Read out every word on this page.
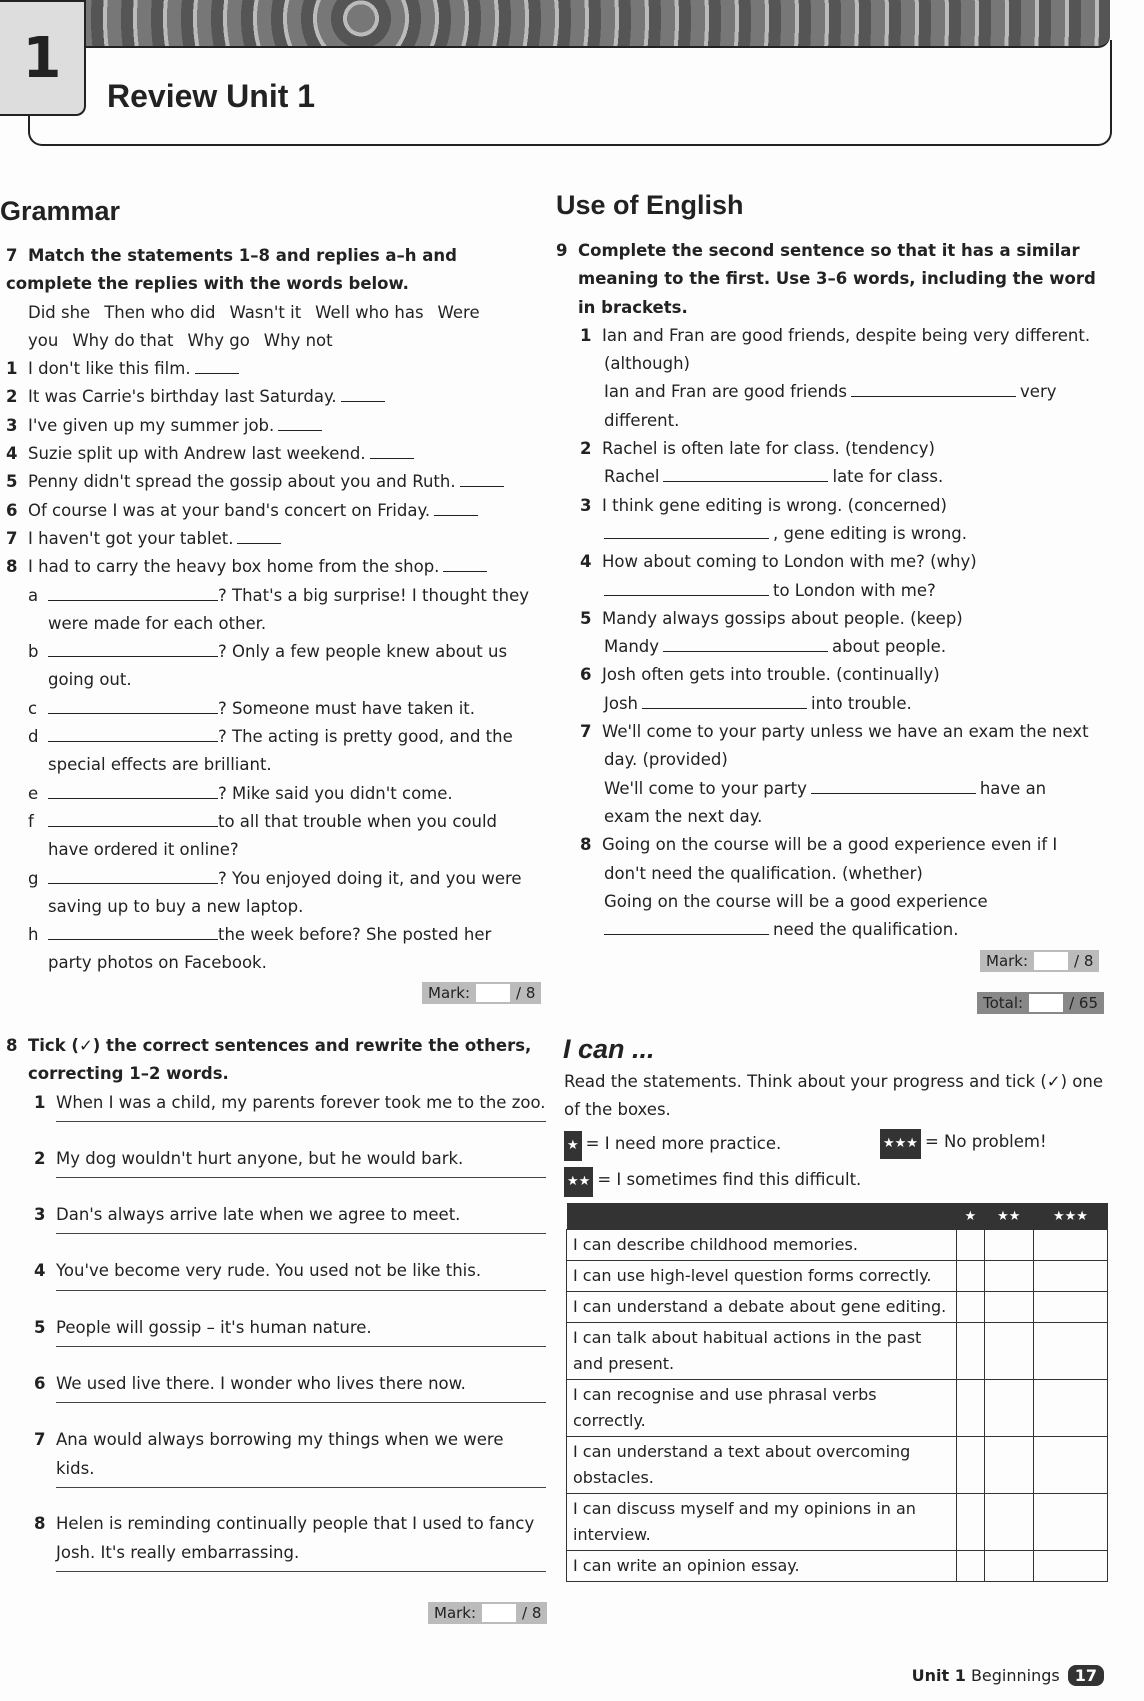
1
Review Unit 1
Grammar
7 Match the statements 1–8 and replies a–h and complete the replies with the words below.
Did she Then who did Wasn't it Well who has Were you Why do that Why go Why not
1 I don't like this film.
2 It was Carrie's birthday last Saturday.
3 I've given up my summer job.
4 Suzie split up with Andrew last weekend.
5 Penny didn't spread the gossip about you and Ruth.
6 Of course I was at your band's concert on Friday.
7 I haven't got your tablet.
8 I had to carry the heavy box home from the shop.
a	? That's a big surprise! I thought they were made for each other.
b	? Only a few people knew about us going out.
c	? Someone must have taken it.
d	? The acting is pretty good, and the special effects are brilliant.
e	? Mike said you didn't come.
f	to all that trouble when you could have ordered it online?
g	? You enjoyed doing it, and you were saving up to buy a new laptop.
h	the week before? She posted her party photos on Facebook.
Mark:	/ 8
8 Tick (✓) the correct sentences and rewrite the others, correcting 1–2 words.
1 When I was a child, my parents forever took me to the zoo.
2 My dog wouldn't hurt anyone, but he would bark.
3 Dan's always arrive late when we agree to meet.
4 You've become very rude. You used not be like this.
5 People will gossip – it's human nature.
6 We used live there. I wonder who lives there now.
7 Ana would always borrowing my things when we were kids.
8 Helen is reminding continually people that I used to fancy Josh. It's really embarrassing.
Mark:	/ 8
Use of English
9 Complete the second sentence so that it has a similar meaning to the first. Use 3–6 words, including the word in brackets.
1 Ian and Fran are good friends, despite being very different. (although)
Ian and Fran are good friends	very different.
2 Rachel is often late for class. (tendency)
Rachel	late for class.
3 I think gene editing is wrong. (concerned)
, gene editing is wrong.
4 How about coming to London with me? (why)
to London with me?
5 Mandy always gossips about people. (keep)
Mandy	about people.
6 Josh often gets into trouble. (continually)
Josh	into trouble.
7 We'll come to your party unless we have an exam the next day. (provided)
We'll come to your party	have an exam the next day.
8 Going on the course will be a good experience even if I don't need the qualification. (whether)
Going on the course will be a good experienceneed the qualification.
Mark:	/ 8
Total:	/ 65
I can ...
Read the statements. Think about your progress and tick (✓) one of the boxes.
★ = I need more practice.	★★★ = No problem!
★★ = I sometimes find this difficult.
	★	★★	★★★
I can describe childhood memories.			
I can use high-level question forms correctly.			
I can understand a debate about gene editing.			
I can talk about habitual actions in the past and present.			
I can recognise and use phrasal verbs correctly.			
I can understand a text about overcoming obstacles.			
I can discuss myself and my opinions in an interview.			
I can write an opinion essay.			
Unit 1 Beginnings 17
